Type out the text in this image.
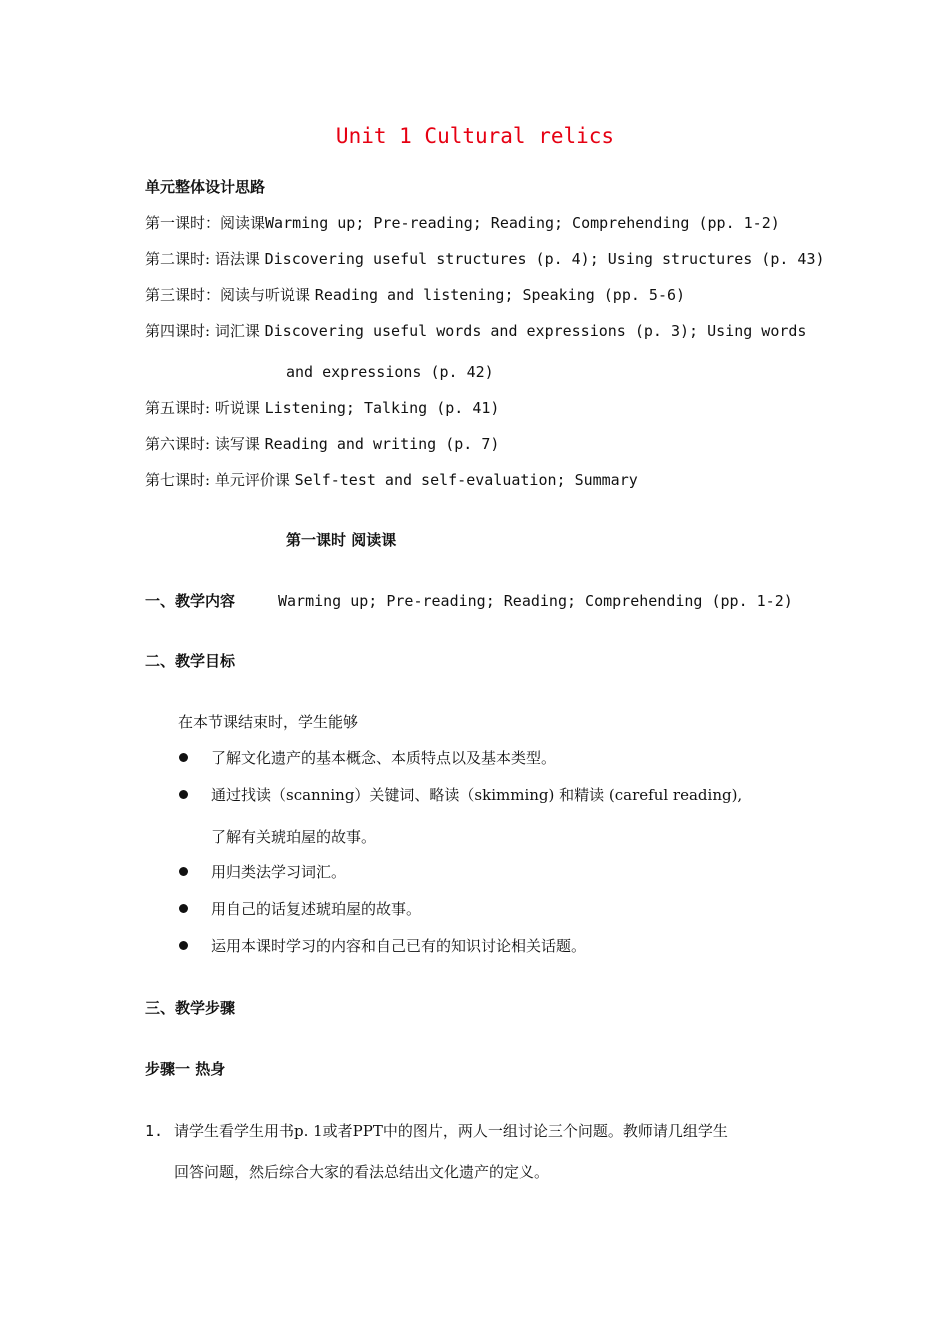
Unit 1 Cultural relics
单元整体设计思路
第一课时：阅读课Warming up; Pre-reading; Reading; Comprehending (pp. 1-2)
第二课时: 语法课 Discovering useful structures (p. 4); Using structures (p. 43)
第三课时：阅读与听说课 Reading and listening; Speaking (pp. 5-6)
第四课时: 词汇课 Discovering useful words and expressions (p. 3); Using words
and expressions (p. 42)
第五课时: 听说课 Listening; Talking (p. 41)
第六课时: 读写课 Reading and writing (p. 7)
第七课时: 单元评价课 Self-test and self-evaluation; Summary
第一课时 阅读课
一、教学内容	Warming up; Pre-reading; Reading; Comprehending (pp. 1-2)
二、教学目标
在本节课结束时，学生能够
了解文化遗产的基本概念、本质特点以及基本类型。
通过找读（scanning）关键词、略读（skimming) 和精读 (careful reading),
了解有关琥珀屋的故事。
用归类法学习词汇。
用自己的话复述琥珀屋的故事。
运用本课时学习的内容和自己已有的知识讨论相关话题。
三、教学步骤
步骤一 热身
1. 请学生看学生用书p. 1或者PPT中的图片，两人一组讨论三个问题。教师请几组学生
回答问题，然后综合大家的看法总结出文化遗产的定义。
